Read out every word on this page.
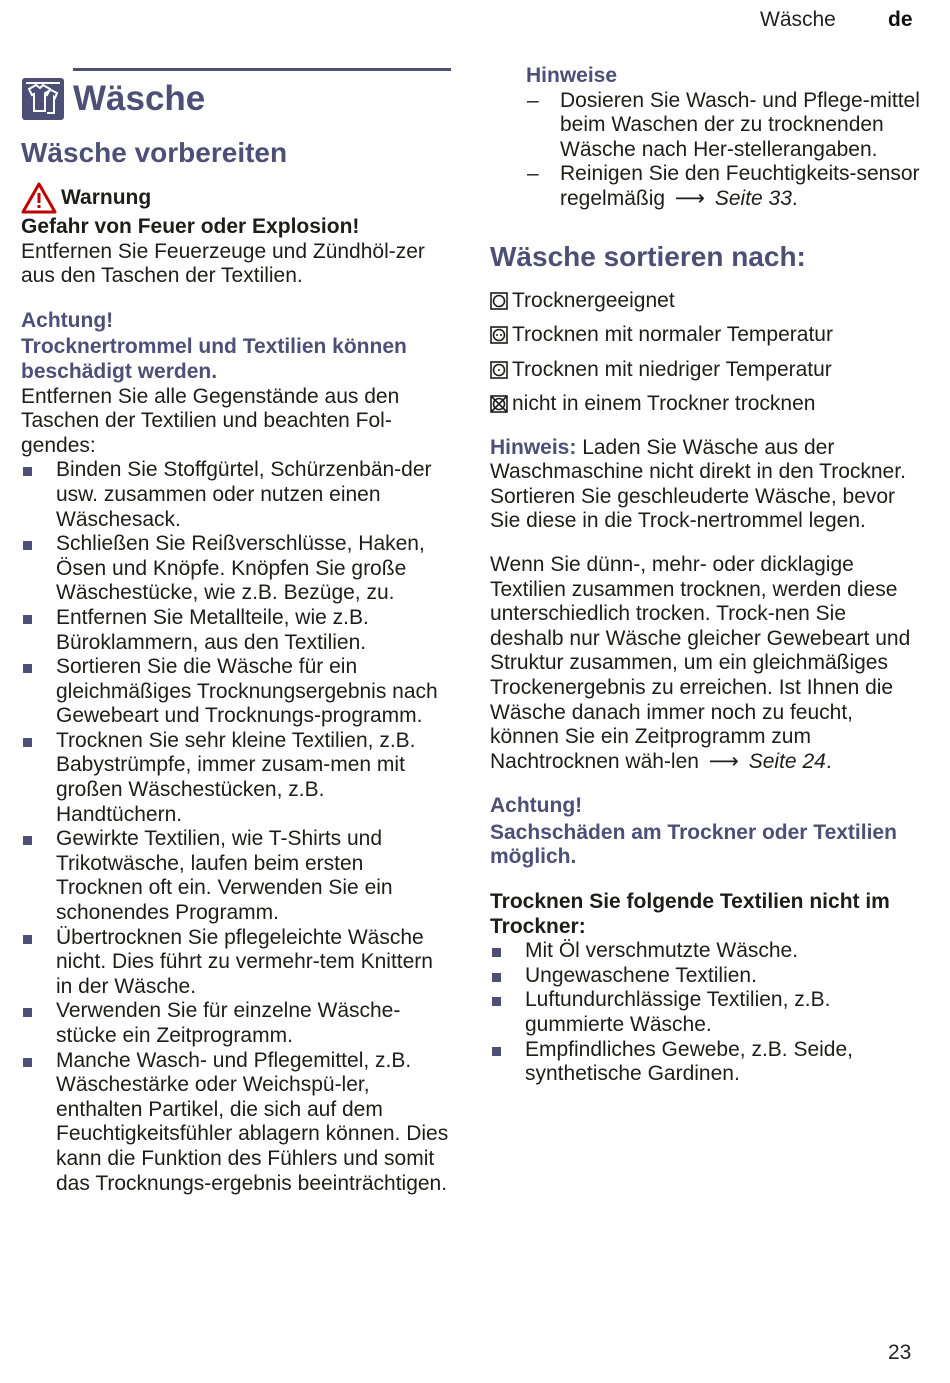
Wäsche de
Wäsche
Wäsche vorbereiten
Warnung

Gefahr von Feuer oder Explosion!

Entfernen Sie Feuerzeuge und Zündhöl-zer aus den Taschen der Textilien.

Achtung!

Trocknertrommel und Textilien können beschädigt werden.

Entfernen Sie alle Gegenstände aus den Taschen der Textilien und beachten Fol-gendes:

Binden Sie Stoffgürtel, Schürzenbän-der usw. zusammen oder nutzen einen Wäschesack.
Schließen Sie Reißverschlüsse, Haken, Ösen und Knöpfe. Knöpfen Sie große Wäschestücke, wie z.B. Bezüge, zu.
Entfernen Sie Metallteile, wie z.B. Büroklammern, aus den Textilien.
Sortieren Sie die Wäsche für ein gleichmäßiges Trocknungsergebnis nach Gewebeart und Trocknungs-programm.
Trocknen Sie sehr kleine Textilien, z.B. Babystrümpfe, immer zusam-men mit großen Wäschestücken, z.B. Handtüchern.
Gewirkte Textilien, wie T-Shirts und Trikotwäsche, laufen beim ersten Trocknen oft ein. Verwenden Sie ein schonendes Programm.
Übertrocknen Sie pflegeleichte Wäsche nicht. Dies führt zu vermehr-tem Knittern in der Wäsche.
Verwenden Sie für einzelne Wäsche-stücke ein Zeitprogramm.
Manche Wasch- und Pflegemittel, z.B. Wäschestärke oder Weichspü-ler, enthalten Partikel, die sich auf dem Feuchtigkeitsfühler ablagern können. Dies kann die Funktion des Fühlers und somit das Trocknungs-ergebnis beeinträchtigen.

Hinweise

– Dosieren Sie Wasch- und Pflege-mittel beim Waschen der zu trocknenden Wäsche nach Her-stellerangaben.
– Reinigen Sie den Feuchtigkeits-sensor regelmäßig ⟶ Seite 33.
Wäsche sortieren nach:
Trocknergeeignet
Trocknen mit normaler Temperatur
Trocknen mit niedriger Temperatur
nicht in einem Trockner trocknen

Hinweis: Laden Sie Wäsche aus der Waschmaschine nicht direkt in den Trockner. Sortieren Sie geschleuderte Wäsche, bevor Sie diese in die Trock-nertrommel legen.

Wenn Sie dünn-, mehr- oder dicklagige Textilien zusammen trocknen, werden diese unterschiedlich trocken. Trock-nen Sie deshalb nur Wäsche gleicher Gewebeart und Struktur zusammen, um ein gleichmäßiges Trockenergebnis zu erreichen. Ist Ihnen die Wäsche danach immer noch zu feucht, können Sie ein Zeitprogramm zum Nachtrocknen wäh-len ⟶ Seite 24.

Achtung!

Sachschäden am Trockner oder Textilien möglich.

Trocknen Sie folgende Textilien nicht im Trockner:

Mit Öl verschmutzte Wäsche.
Ungewaschene Textilien.
Luftundurchlässige Textilien, z.B. gummierte Wäsche.
Empfindliches Gewebe, z.B. Seide, synthetische Gardinen.
23
